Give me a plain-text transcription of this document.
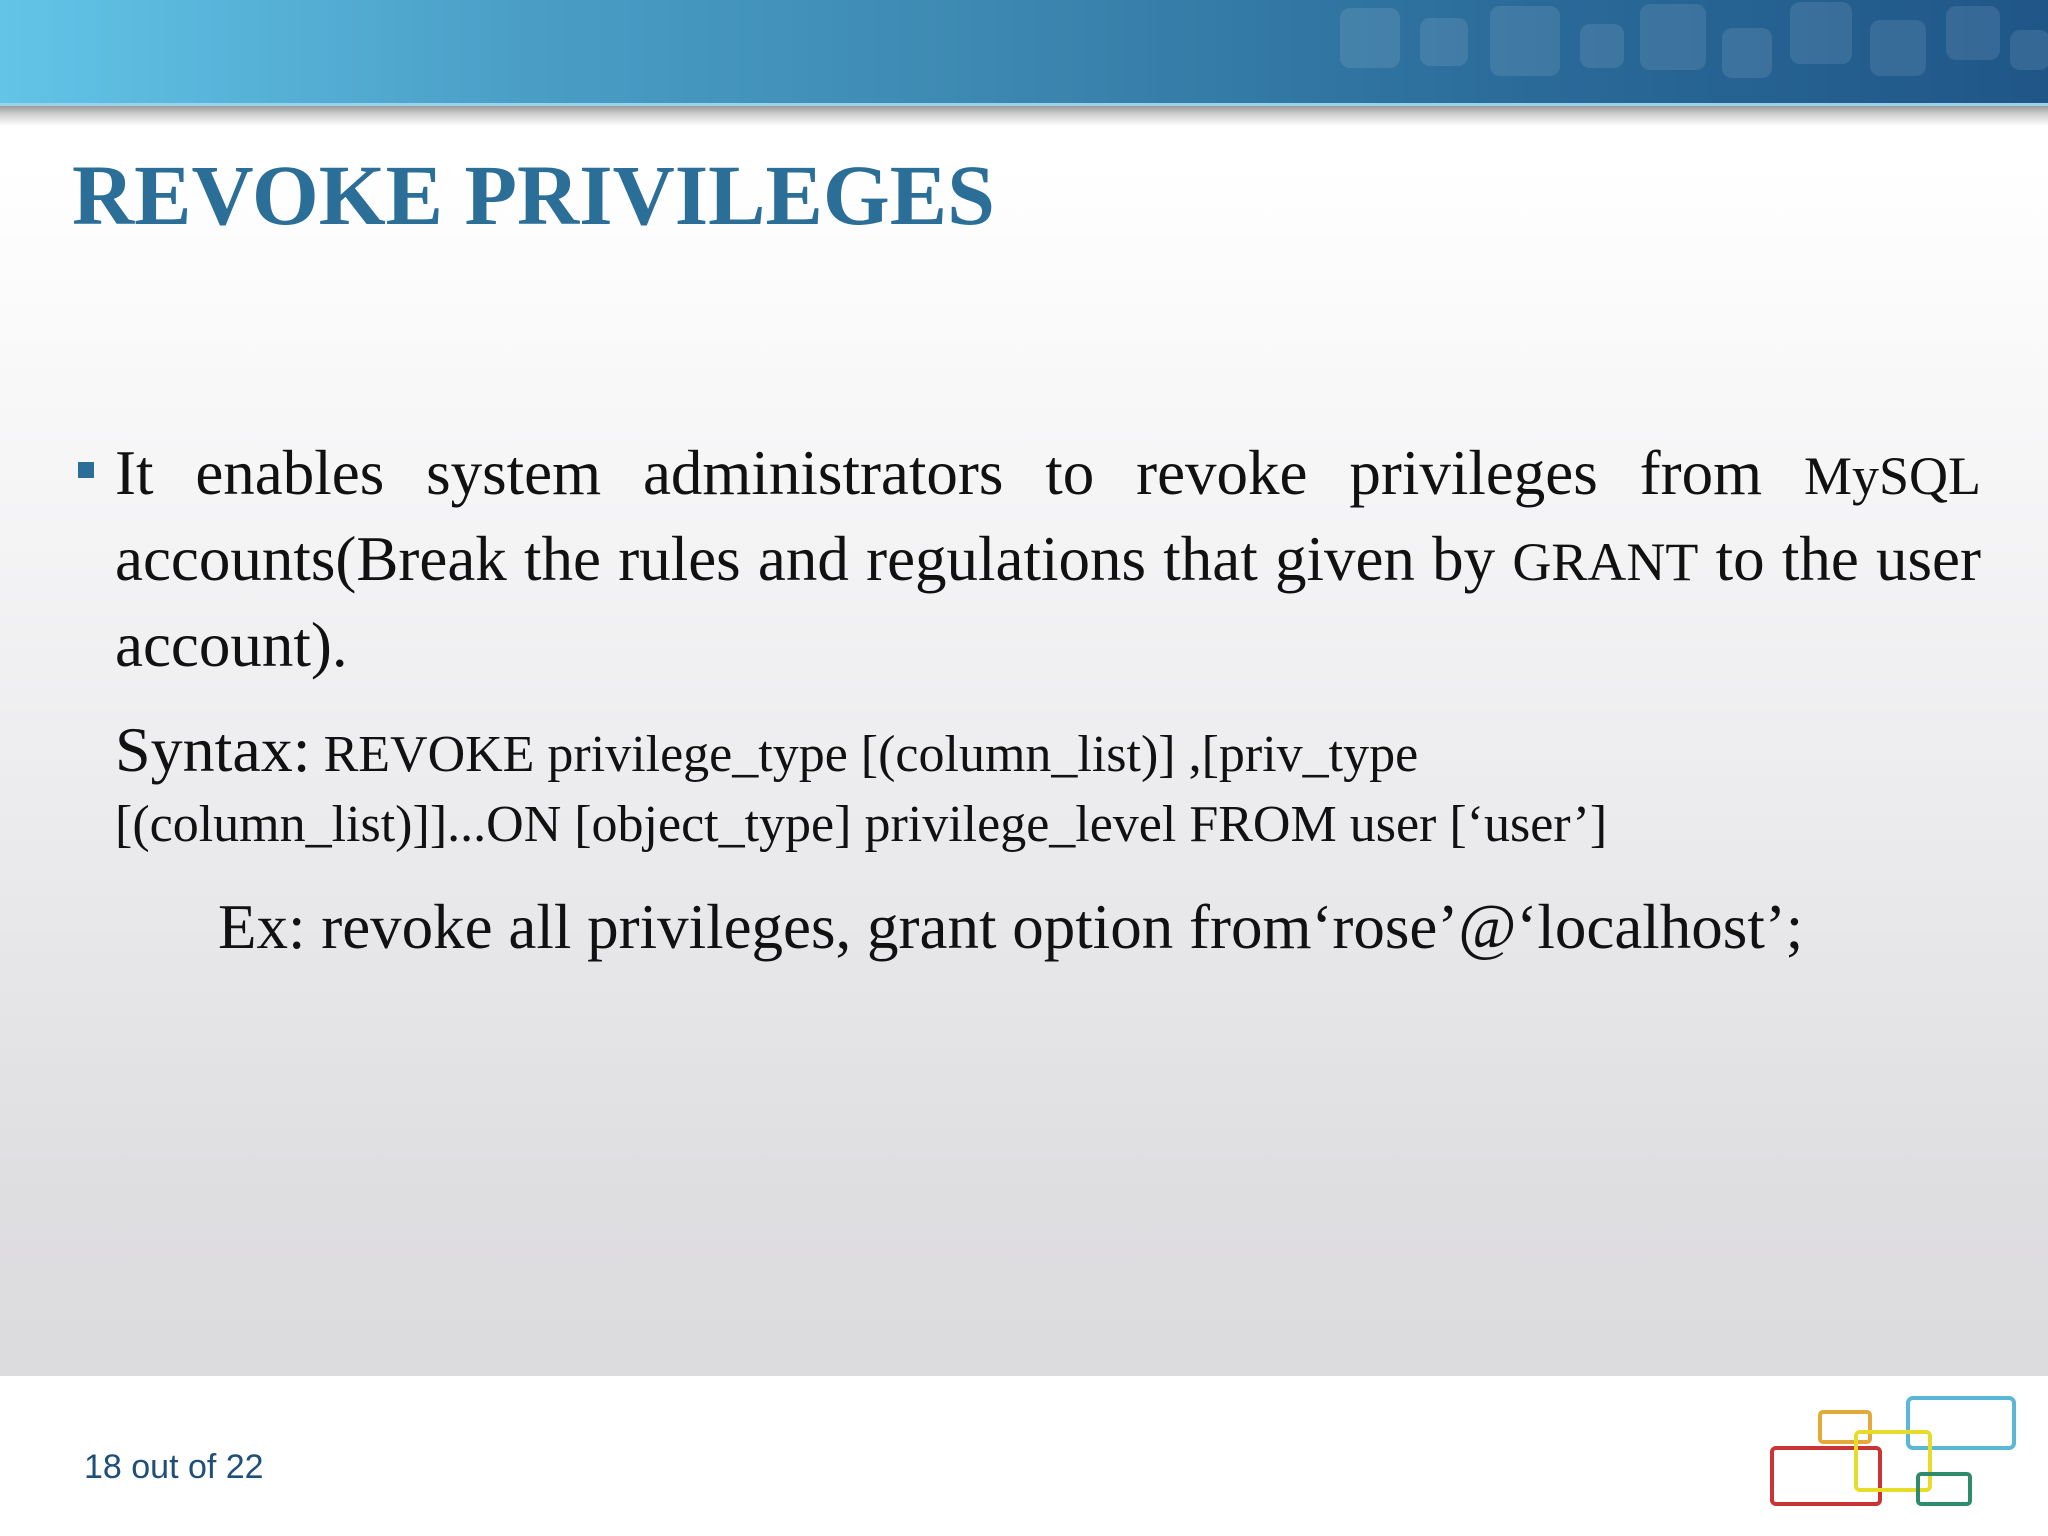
REVOKE PRIVILEGES

It enables system administrators to revoke privileges from MySQL accounts(Break the rules and regulations that given by GRANT to the user account).

Syntax: REVOKE privilege_type [(column_list)] ,[priv_type
[(column_list)]]...ON [object_type] privilege_level FROM user [‘user’]

Ex: revoke all privileges, grant option from‘rose’@‘localhost’;

18 out of 22
